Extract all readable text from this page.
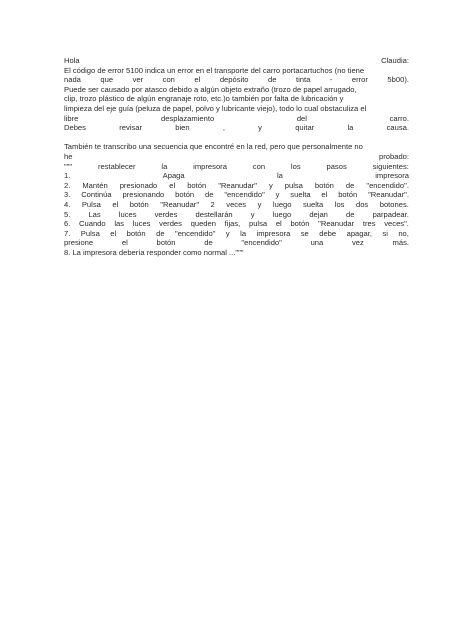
Hola	Claudia:
El código de error 5100 indica un error en el transporte del carro portacartuchos (no tiene
nada	que	ver	con	el	depósito	de	tinta	-	error	5b00).
Puede ser causado por atasco debido a algún objeto extraño (trozo de papel arrugado,
clip, trozo plástico de algún engranaje roto, etc.)o también por falta de lubricación y
limpieza del eje guía (peluza de papel, polvo y lubricante viejo), todo lo cual obstaculiza el
libre	desplazamiento	del	carro.
Debes	revisar	bien	,	y	quitar	la	causa.
También te transcribo una secuencia que encontré en la red, pero que personalmente no
he	probado:
"""	restablecer	la	impresora	con	los	pasos	siguientes:
1.	Apaga	la	impresora
2. Mantén presionado el botón "Reanudar" y pulsa botón de "encendido".
3. Continúa presionando botón de "encendido" y suelta el botón "Reanudar".
4. Pulsa el botón "Reanudar" 2 veces y luego suelta los dos botones.
5. Las luces verdes destellarán y luego dejan de parpadear.
6. Cuando las luces verdes queden fijas, pulsa el botón "Reanudar tres veces".
7. Pulsa el botón de "encendido" y la impresora se debe apagar, si no,
presione	el	botón	de	"encendido"	una	vez	más.
8. La impresora debería responder como normal ..."""
